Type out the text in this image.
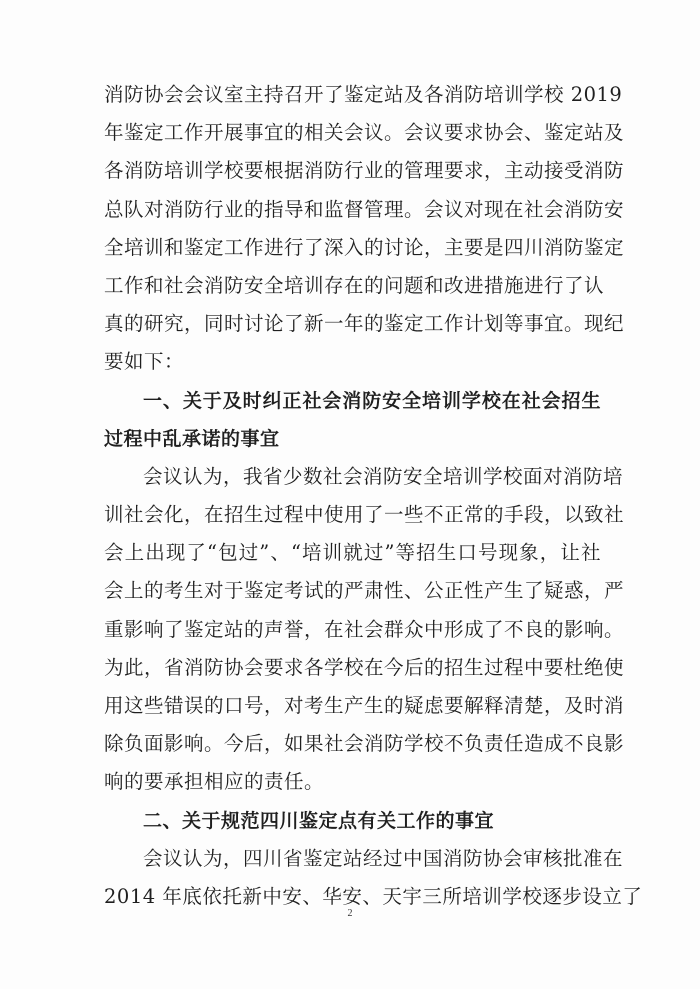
消防协会会议室主持召开了鉴定站及各消防培训学校 2019
年鉴定工作开展事宜的相关会议。会议要求协会、鉴定站及
各消防培训学校要根据消防行业的管理要求，主动接受消防
总队对消防行业的指导和监督管理。会议对现在社会消防安
全培训和鉴定工作进行了深入的讨论，主要是四川消防鉴定
工作和社会消防安全培训存在的问题和改进措施进行了认
真的研究，同时讨论了新一年的鉴定工作计划等事宜。现纪
要如下：
一、关于及时纠正社会消防安全培训学校在社会招生
过程中乱承诺的事宜
会议认为，我省少数社会消防安全培训学校面对消防培
训社会化，在招生过程中使用了一些不正常的手段，以致社
会上出现了“包过”、“培训就过”等招生口号现象，让社
会上的考生对于鉴定考试的严肃性、公正性产生了疑惑，严
重影响了鉴定站的声誉，在社会群众中形成了不良的影响。
为此，省消防协会要求各学校在今后的招生过程中要杜绝使
用这些错误的口号，对考生产生的疑虑要解释清楚，及时消
除负面影响。今后，如果社会消防学校不负责任造成不良影
响的要承担相应的责任。
二、关于规范四川鉴定点有关工作的事宜
会议认为，四川省鉴定站经过中国消防协会审核批准在
2014 年底依托新中安、华安、天宇三所培训学校逐步设立了
2
